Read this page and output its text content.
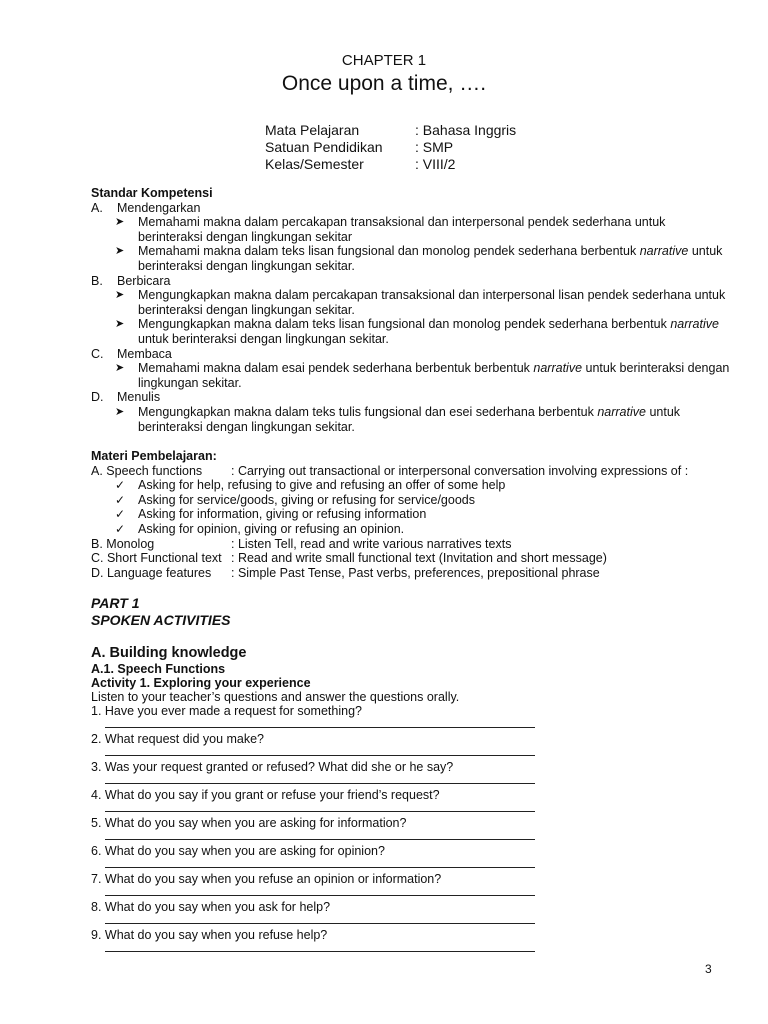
CHAPTER 1
Once upon a time, ….
Mata Pelajaran	: Bahasa Inggris
Satuan Pendidikan : SMP
Kelas/Semester	: VIII/2
Standar Kompetensi
A. Mendengarkan
➤ Memahami makna dalam percakapan transaksional dan interpersonal pendek sederhana untuk berinteraksi dengan lingkungan sekitar
➤ Memahami makna dalam teks lisan fungsional dan monolog pendek sederhana berbentuk narrative untuk berinteraksi dengan lingkungan sekitar.
B. Berbicara
➤ Mengungkapkan makna dalam percakapan transaksional dan interpersonal lisan pendek sederhana untuk berinteraksi dengan lingkungan sekitar.
➤ Mengungkapkan makna dalam teks lisan fungsional dan monolog pendek sederhana berbentuk narrative untuk berinteraksi dengan lingkungan sekitar.
C. Membaca
➤ Memahami makna dalam esai pendek sederhana berbentuk berbentuk narrative untuk berinteraksi dengan lingkungan sekitar.
D. Menulis
➤ Mengungkapkan makna dalam teks tulis fungsional dan esei sederhana berbentuk narrative untuk berinteraksi dengan lingkungan sekitar.
Materi Pembelajaran:
A. Speech functions : Carrying out transactional or interpersonal conversation involving expressions of :
✓ Asking for help, refusing to give and refusing an offer of some help
✓ Asking for service/goods, giving or refusing for service/goods
✓ Asking for information, giving or refusing information
✓ Asking for opinion, giving or refusing an opinion.
B. Monolog	: Listen Tell, read and write various narratives texts
C. Short Functional text : Read and write small functional text (Invitation and short message)
D. Language features : Simple Past Tense, Past verbs, preferences, prepositional phrase
PART 1
SPOKEN ACTIVITIES
A. Building knowledge
A.1. Speech Functions
Activity 1. Exploring your experience
Listen to your teacher’s questions and answer the questions orally.
1. Have you ever made a request for something?
2. What request did you make?
3. Was your request granted or refused? What did she or he say?
4. What do you say if you grant or refuse your friend’s request?
5. What do you say when you are asking for information?
6. What do you say when you are asking for opinion?
7. What do you say when you refuse an opinion or information?
8. What do you say when you ask for help?
9. What do you say when you refuse help?
3
